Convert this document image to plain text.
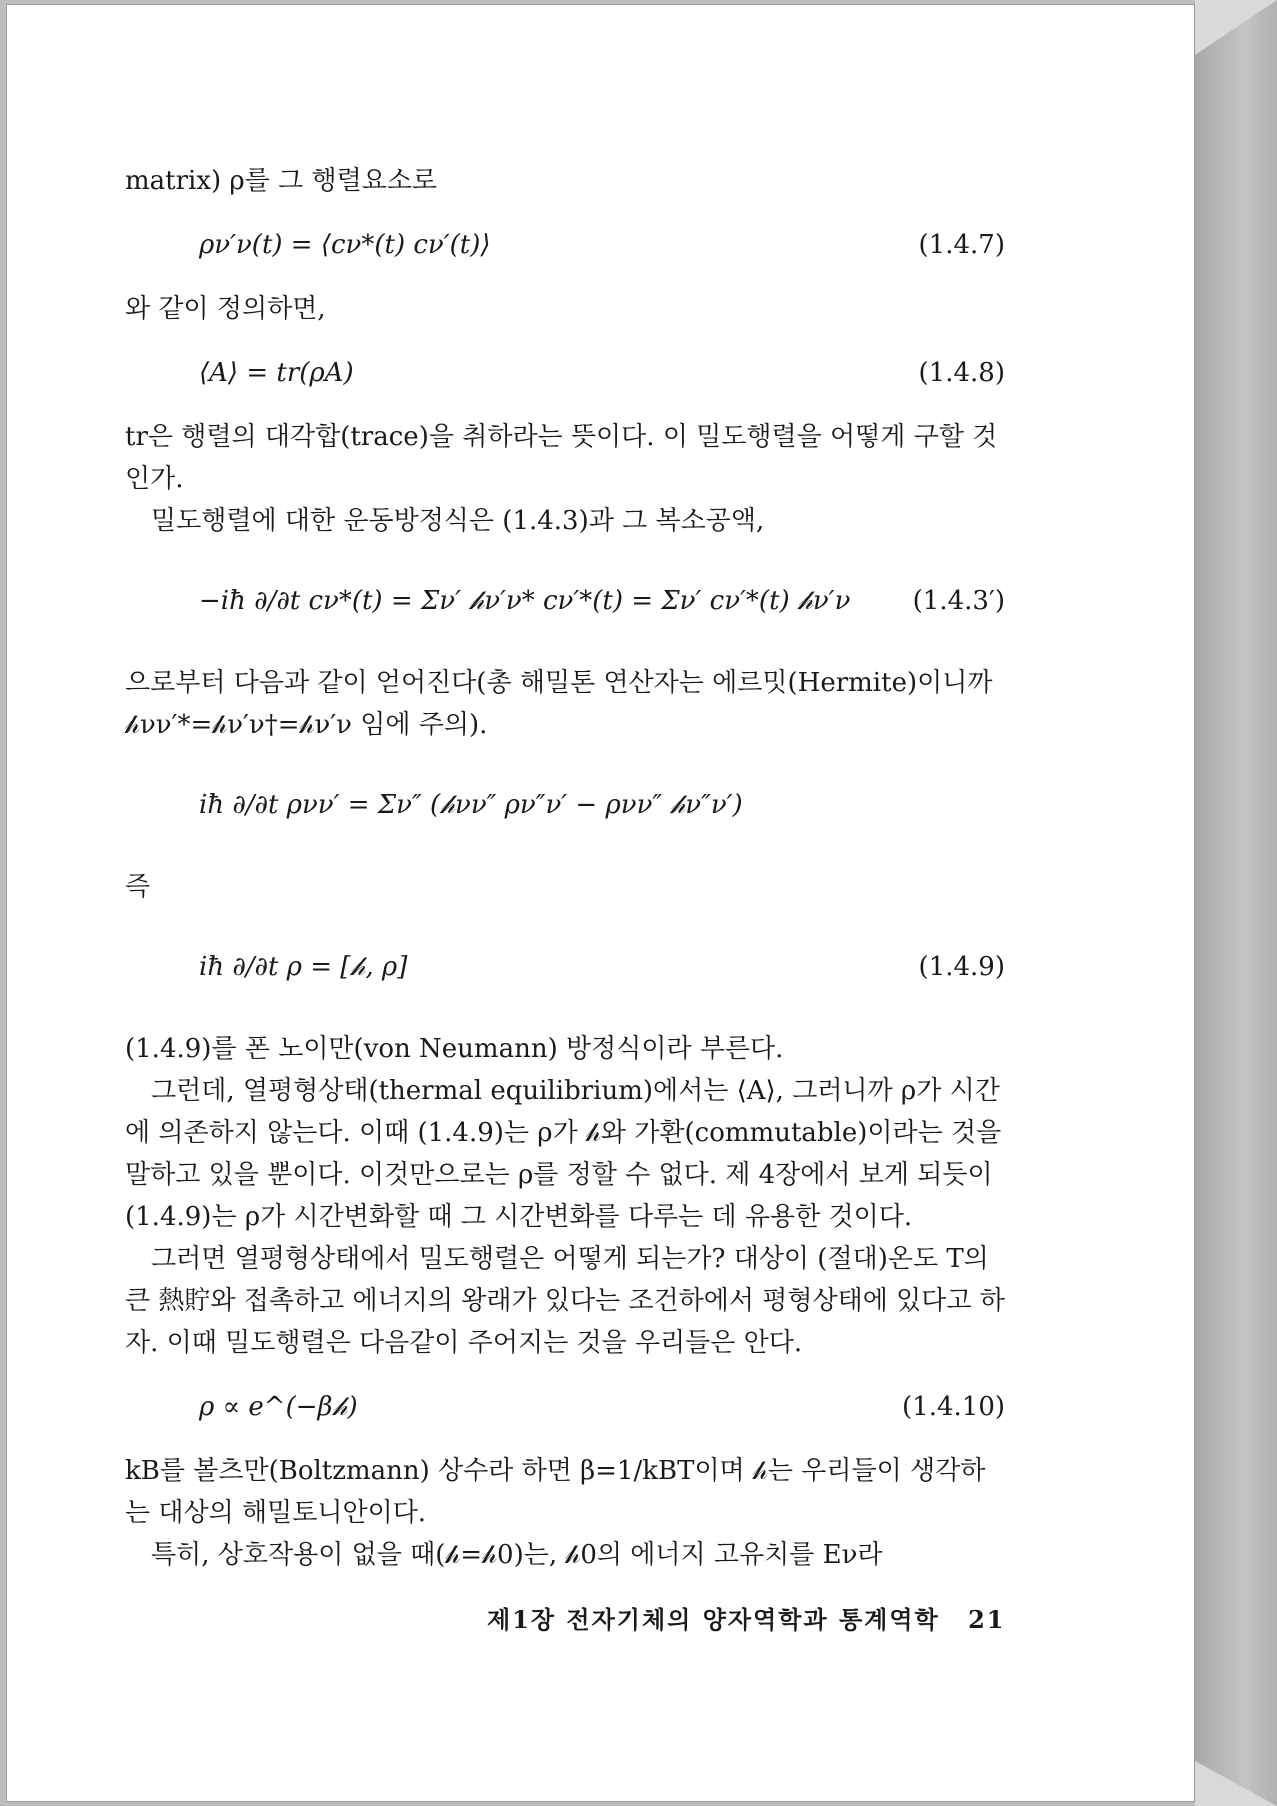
matrix) ρ를 그 행렬요소로

ρν′ν(t) = ⟨cν*(t) cν′(t)⟩	(1.4.7)

와 같이 정의하면,

⟨A⟩ = tr(ρA)	(1.4.8)

tr은 행렬의 대각합(trace)을 취하라는 뜻이다. 이 밀도행렬을 어떻게 구할 것인가.

밀도행렬에 대한 운동방정식은 (1.4.3)과 그 복소공액,

−iħ ∂/∂t cν*(t) = Σν′ 𝒽ν′ν* cν′*(t) = Σν′ cν′*(t) 𝒽ν′ν (1.4.3′)

으로부터 다음과 같이 얻어진다(총 해밀톤 연산자는 에르밋(Hermite)이니까 𝒽νν′*=𝒽ν′ν†=𝒽ν′ν 임에 주의).

iħ ∂/∂t ρνν′ = Σν″ (𝒽νν″ ρν″ν′ − ρνν″ 𝒽ν″ν′)

즉

iħ ∂/∂t ρ = [𝒽, ρ]	(1.4.9)

(1.4.9)를 폰 노이만(von Neumann) 방정식이라 부른다.

그런데, 열평형상태(thermal equilibrium)에서는 ⟨A⟩, 그러니까 ρ가 시간에 의존하지 않는다. 이때 (1.4.9)는 ρ가 𝒽와 가환(commutable)이라는 것을 말하고 있을 뿐이다. 이것만으로는 ρ를 정할 수 없다. 제 4장에서 보게 되듯이 (1.4.9)는 ρ가 시간변화할 때 그 시간변화를 다루는 데 유용한 것이다.

그러면 열평형상태에서 밀도행렬은 어떻게 되는가? 대상이 (절대)온도 T의 큰 熱貯와 접촉하고 에너지의 왕래가 있다는 조건하에서 평형상태에 있다고 하자. 이때 밀도행렬은 다음같이 주어지는 것을 우리들은 안다.

ρ ∝ e^(−β𝒽)	(1.4.10)

kB를 볼츠만(Boltzmann) 상수라 하면 β=1/kBT이며 𝒽는 우리들이 생각하는 대상의 해밀토니안이다.

특히, 상호작용이 없을 때(𝒽=𝒽0)는, 𝒽0의 에너지 고유치를 Eν라

제1장 전자기체의 양자역학과 통계역학 21
